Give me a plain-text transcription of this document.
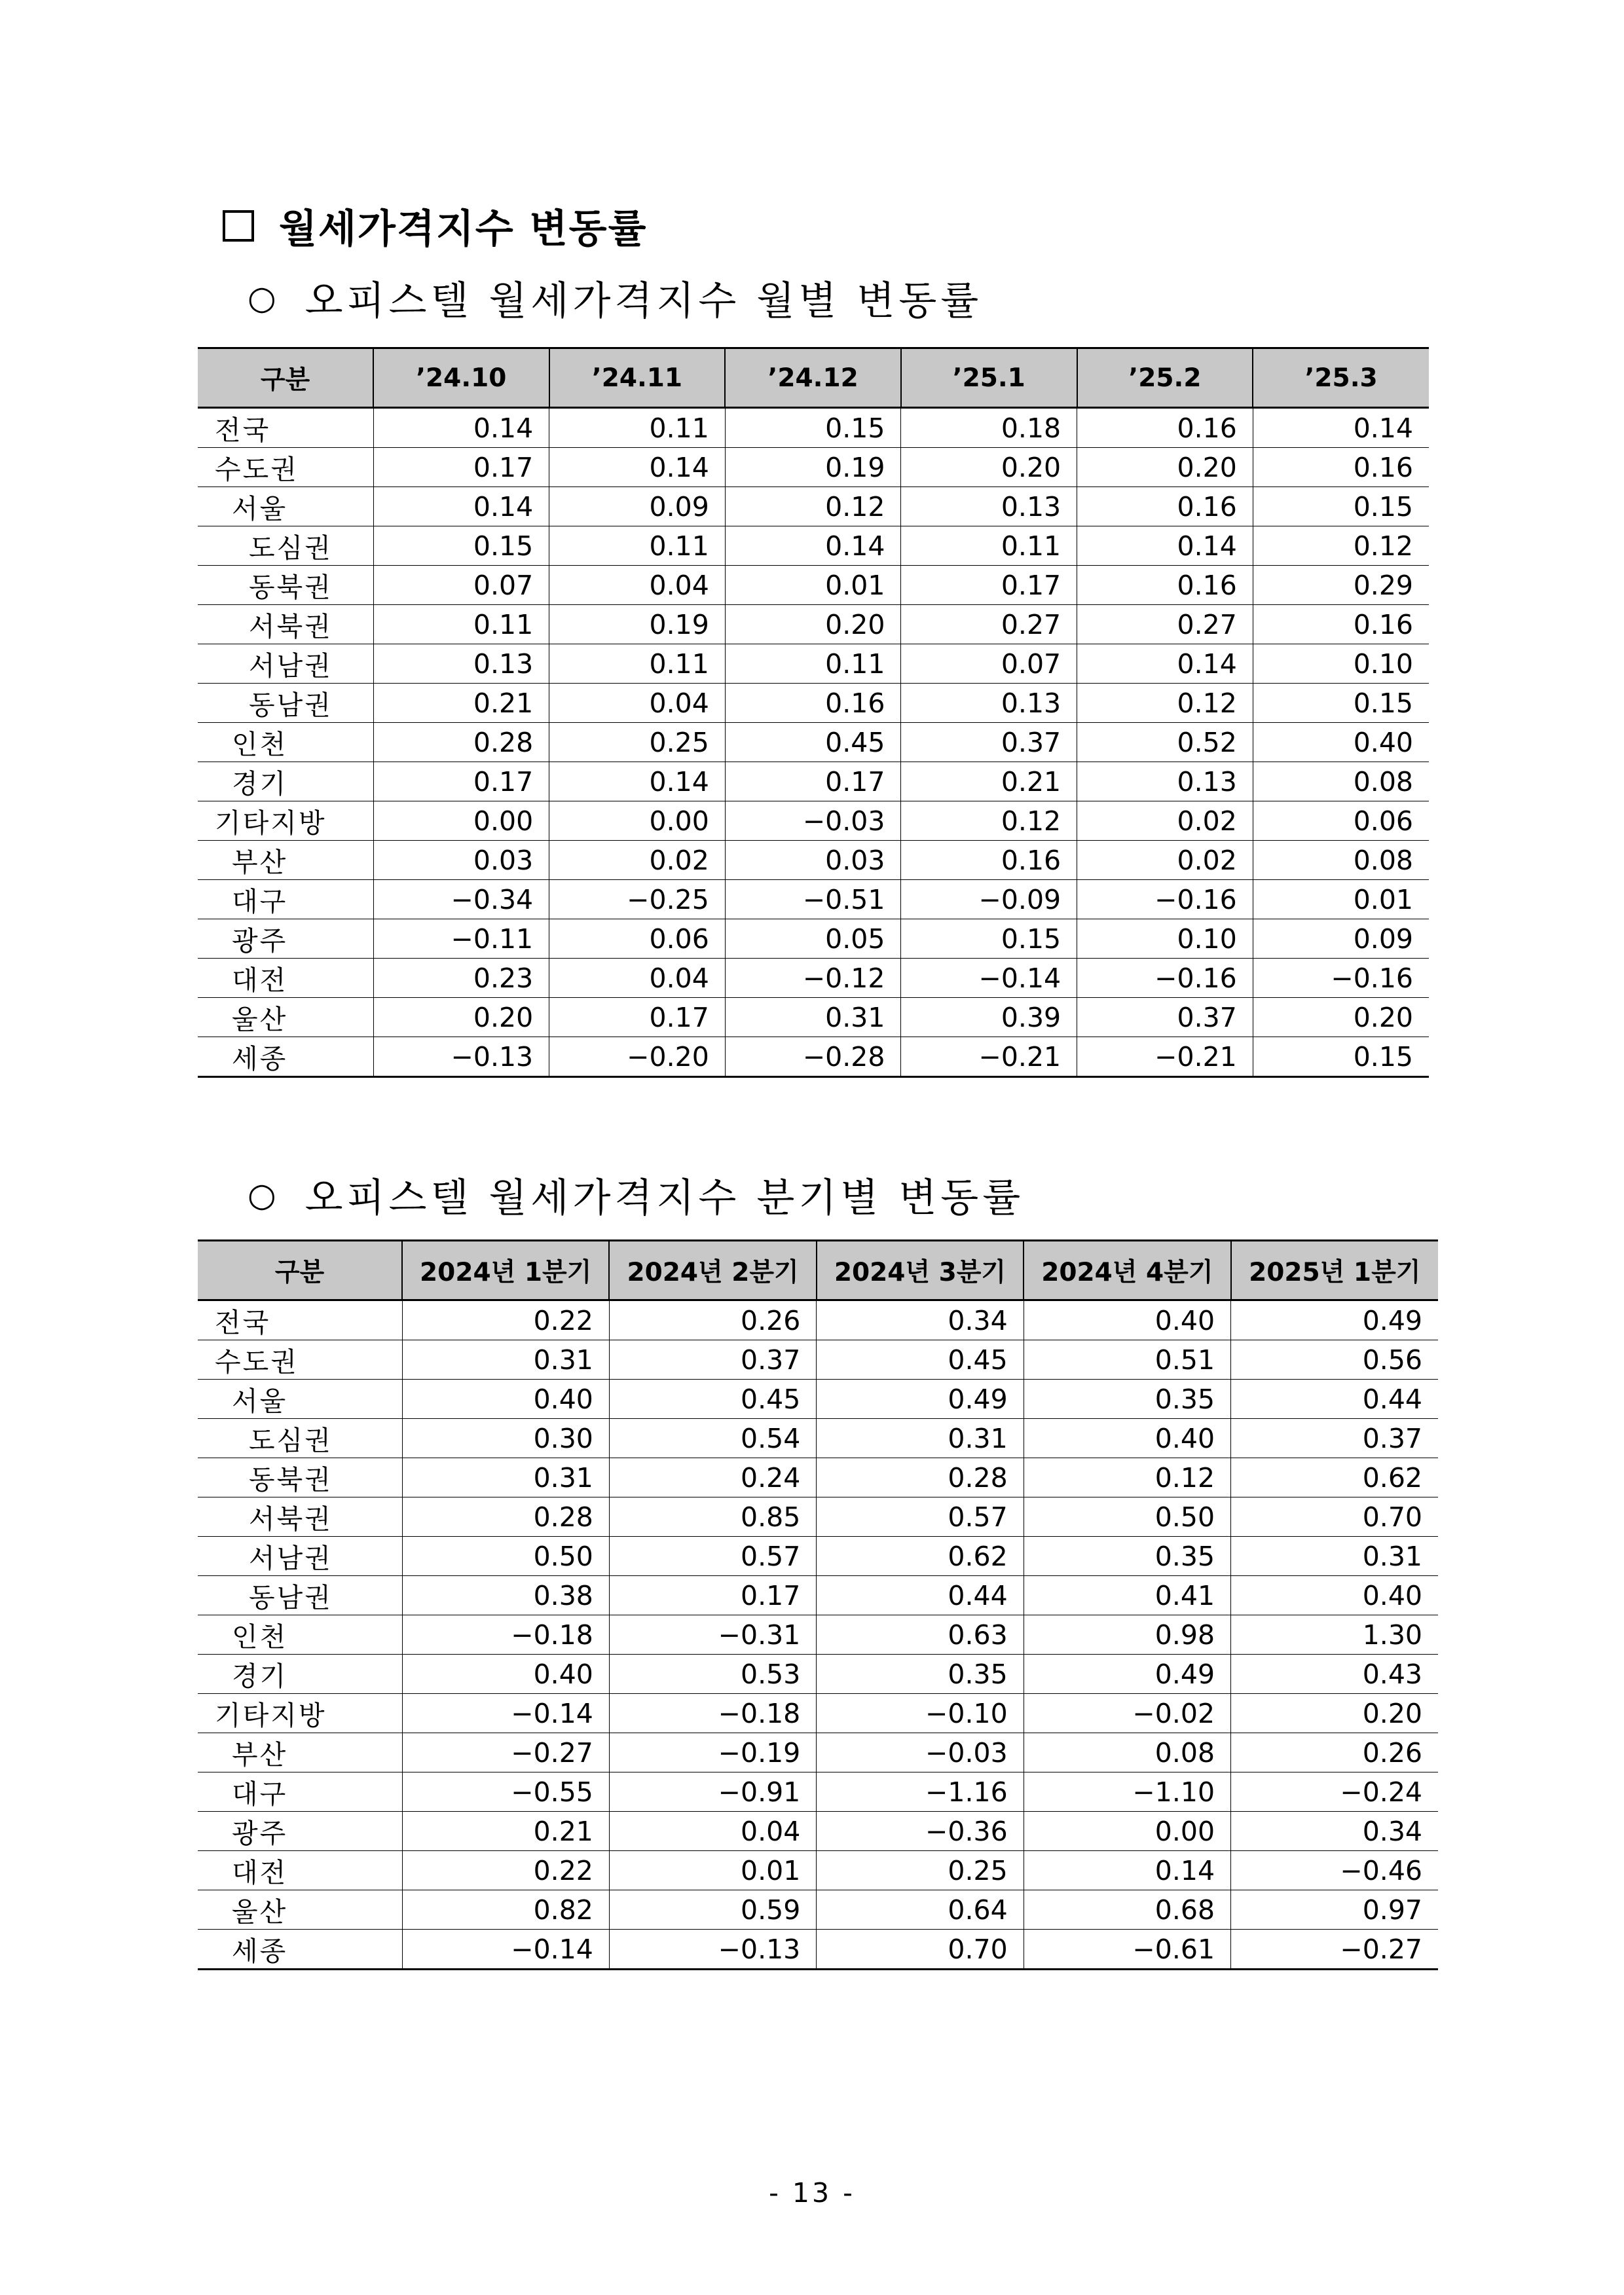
월세가격지수 변동률
○ 오피스텔 월세가격지수 월별 변동률
구분	’24.10	’24.11	’24.12	’25.1	’25.2	’25.3
전국	0.14	0.11	0.15	0.18	0.16	0.14
수도권	0.17	0.14	0.19	0.20	0.20	0.16
서울	0.14	0.09	0.12	0.13	0.16	0.15
도심권	0.15	0.11	0.14	0.11	0.14	0.12
동북권	0.07	0.04	0.01	0.17	0.16	0.29
서북권	0.11	0.19	0.20	0.27	0.27	0.16
서남권	0.13	0.11	0.11	0.07	0.14	0.10
동남권	0.21	0.04	0.16	0.13	0.12	0.15
인천	0.28	0.25	0.45	0.37	0.52	0.40
경기	0.17	0.14	0.17	0.21	0.13	0.08
기타지방	0.00	0.00	−0.03	0.12	0.02	0.06
부산	0.03	0.02	0.03	0.16	0.02	0.08
대구	−0.34	−0.25	−0.51	−0.09	−0.16	0.01
광주	−0.11	0.06	0.05	0.15	0.10	0.09
대전	0.23	0.04	−0.12	−0.14	−0.16	−0.16
울산	0.20	0.17	0.31	0.39	0.37	0.20
세종	−0.13	−0.20	−0.28	−0.21	−0.21	0.15
○ 오피스텔 월세가격지수 분기별 변동률
구분	2024년 1분기	2024년 2분기	2024년 3분기	2024년 4분기	2025년 1분기
전국	0.22	0.26	0.34	0.40	0.49
수도권	0.31	0.37	0.45	0.51	0.56
서울	0.40	0.45	0.49	0.35	0.44
도심권	0.30	0.54	0.31	0.40	0.37
동북권	0.31	0.24	0.28	0.12	0.62
서북권	0.28	0.85	0.57	0.50	0.70
서남권	0.50	0.57	0.62	0.35	0.31
동남권	0.38	0.17	0.44	0.41	0.40
인천	−0.18	−0.31	0.63	0.98	1.30
경기	0.40	0.53	0.35	0.49	0.43
기타지방	−0.14	−0.18	−0.10	−0.02	0.20
부산	−0.27	−0.19	−0.03	0.08	0.26
대구	−0.55	−0.91	−1.16	−1.10	−0.24
광주	0.21	0.04	−0.36	0.00	0.34
대전	0.22	0.01	0.25	0.14	−0.46
울산	0.82	0.59	0.64	0.68	0.97
세종	−0.14	−0.13	0.70	−0.61	−0.27
- 13 -
